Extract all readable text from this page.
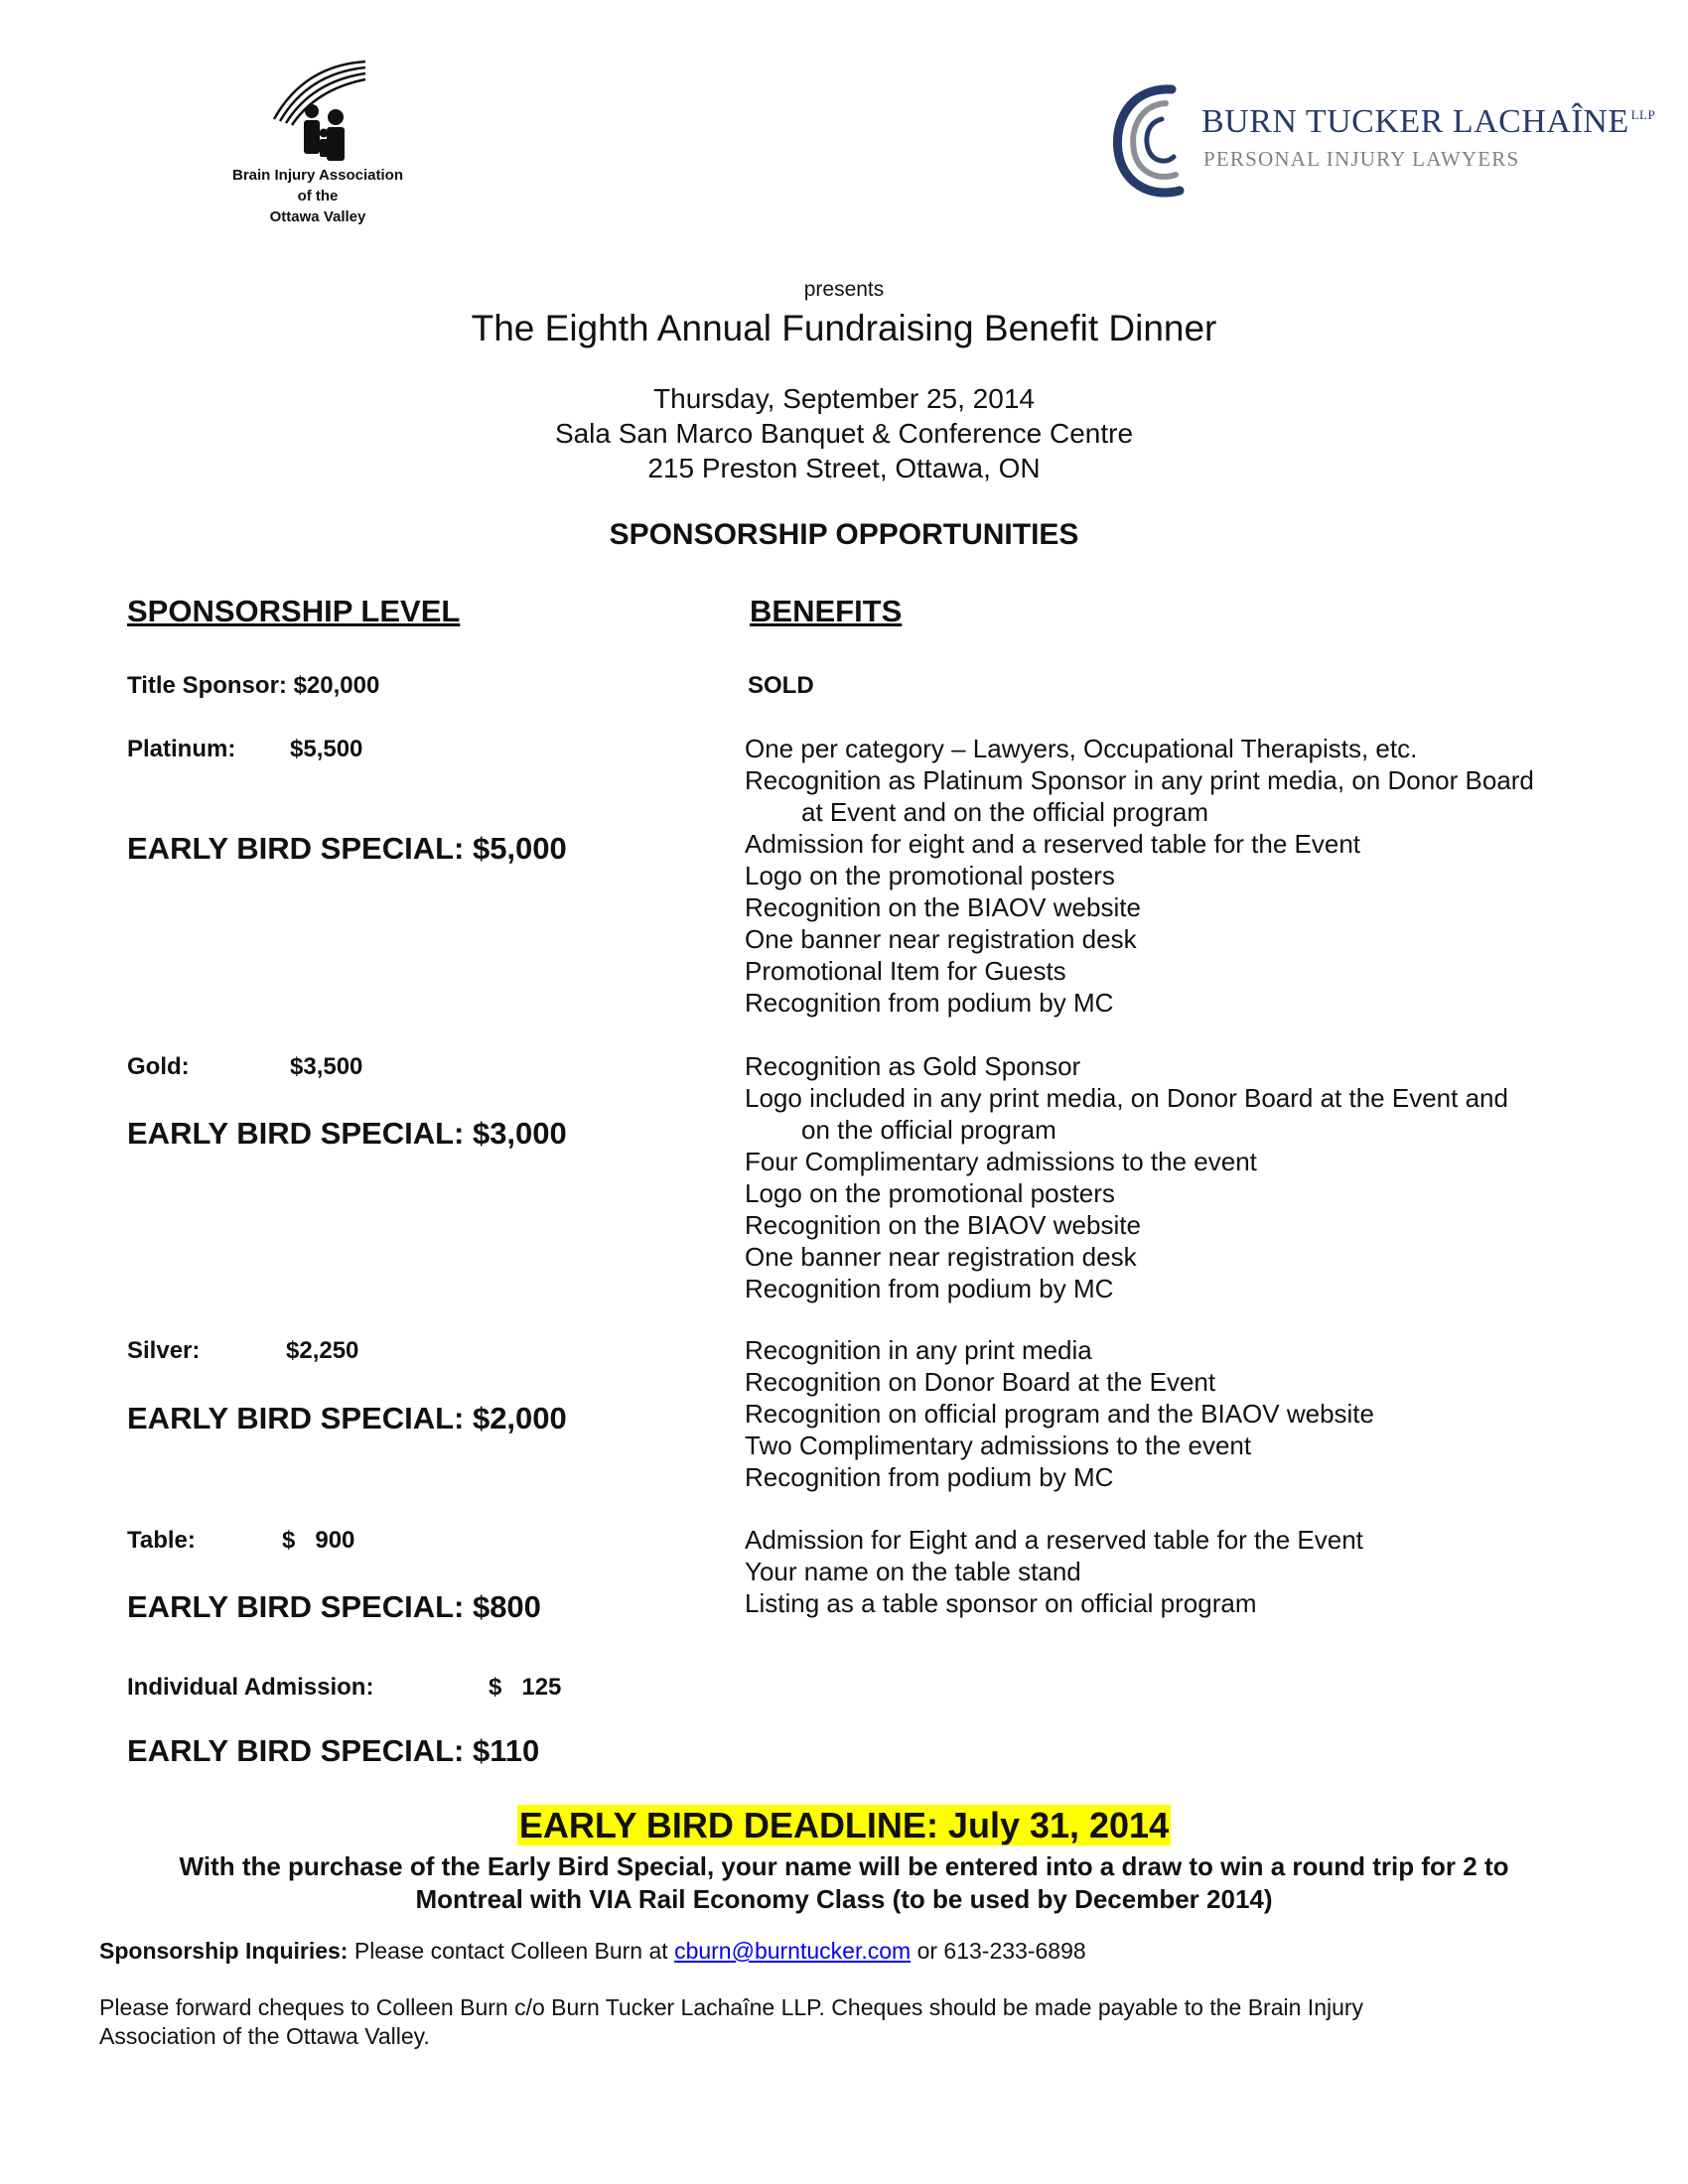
Brain Injury Association
of the
Ottawa Valley
BURN TUCKER LACHAÎNE $^{LLP}$
PERSONAL INJURY LAWYERS
presents
The Eighth Annual Fundraising Benefit Dinner
Thursday, September 25, 2014
Sala San Marco Banquet & Conference Centre
215 Preston Street, Ottawa, ON
SPONSORSHIP OPPORTUNITIES
SPONSORSHIP LEVEL	BENEFITS
Title Sponsor: $20,000	SOLD
Platinum: $5,500
EARLY BIRD SPECIAL: $5,000
One per category – Lawyers, Occupational Therapists, etc.
Recognition as Platinum Sponsor in any print media, on Donor Board
at Event and on the official program
Admission for eight and a reserved table for the Event
Logo on the promotional posters
Recognition on the BIAOV website
One banner near registration desk
Promotional Item for Guests
Recognition from podium by MC
Gold:	$3,500
EARLY BIRD SPECIAL: $3,000
Recognition as Gold Sponsor
Logo included in any print media, on Donor Board at the Event and
on the official program
Four Complimentary admissions to the event
Logo on the promotional posters
Recognition on the BIAOV website
One banner near registration desk
Recognition from podium by MC
Silver:	$2,250
EARLY BIRD SPECIAL: $2,000
Recognition in any print media
Recognition on Donor Board at the Event
Recognition on official program and the BIAOV website
Two Complimentary admissions to the event
Recognition from podium by MC
Table:	$   900
EARLY BIRD SPECIAL: $800
Admission for Eight and a reserved table for the Event
Your name on the table stand
Listing as a table sponsor on official program
Individual Admission:	$   125
EARLY BIRD SPECIAL: $110
EARLY BIRD DEADLINE: July 31, 2014
With the purchase of the Early Bird Special, your name will be entered into a draw to win a round trip for 2 to
Montreal with VIA Rail Economy Class (to be used by December 2014)
Sponsorship Inquiries: Please contact Colleen Burn at cburn@burntucker.com or 613-233-6898
Please forward cheques to Colleen Burn c/o Burn Tucker Lachaîne LLP. Cheques should be made payable to the Brain Injury
Association of the Ottawa Valley.
